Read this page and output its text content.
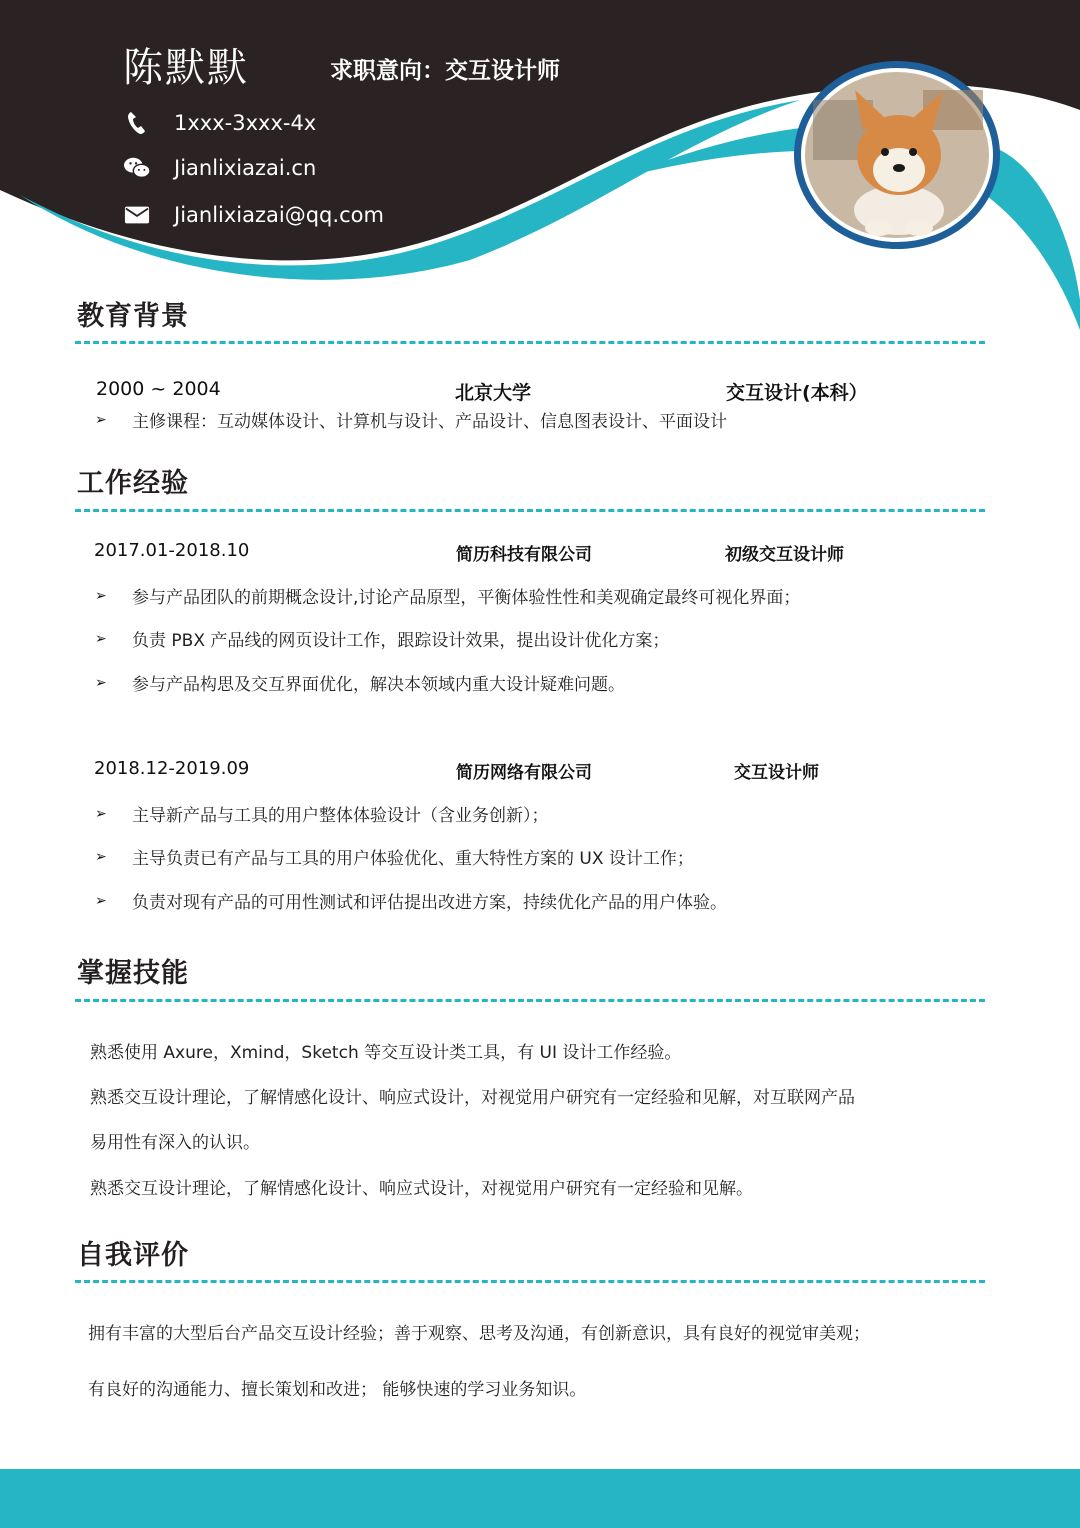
陈默默	求职意向：交互设计师
1xxx-3xxx-4x
Jianlixiazai.cn
Jianlixiazai@qq.com
教育背景
2000 ~ 2004	北京大学	交互设计(本科）
➢	主修课程：互动媒体设计、计算机与设计、产品设计、信息图表设计、平面设计
工作经验
2017.01-2018.10	简历科技有限公司	初级交互设计师
➢	参与产品团队的前期概念设计,讨论产品原型，平衡体验性性和美观确定最终可视化界面；
➢	负责 PBX 产品线的网页设计工作，跟踪设计效果，提出设计优化方案；
➢	参与产品构思及交互界面优化，解决本领域内重大设计疑难问题。
2018.12-2019.09	简历网络有限公司	交互设计师
➢	主导新产品与工具的用户整体体验设计（含业务创新）；
➢	主导负责已有产品与工具的用户体验优化、重大特性方案的 UX 设计工作；
➢	负责对现有产品的可用性测试和评估提出改进方案，持续优化产品的用户体验。
掌握技能
熟悉使用 Axure，Xmind，Sketch 等交互设计类工具，有 UI 设计工作经验。
熟悉交互设计理论，了解情感化设计、响应式设计，对视觉用户研究有一定经验和见解，对互联网产品
易用性有深入的认识。
熟悉交互设计理论，了解情感化设计、响应式设计，对视觉用户研究有一定经验和见解。
自我评价
拥有丰富的大型后台产品交互设计经验；善于观察、思考及沟通，有创新意识，具有良好的视觉审美观；
有良好的沟通能力、擅长策划和改进； 能够快速的学习业务知识。
